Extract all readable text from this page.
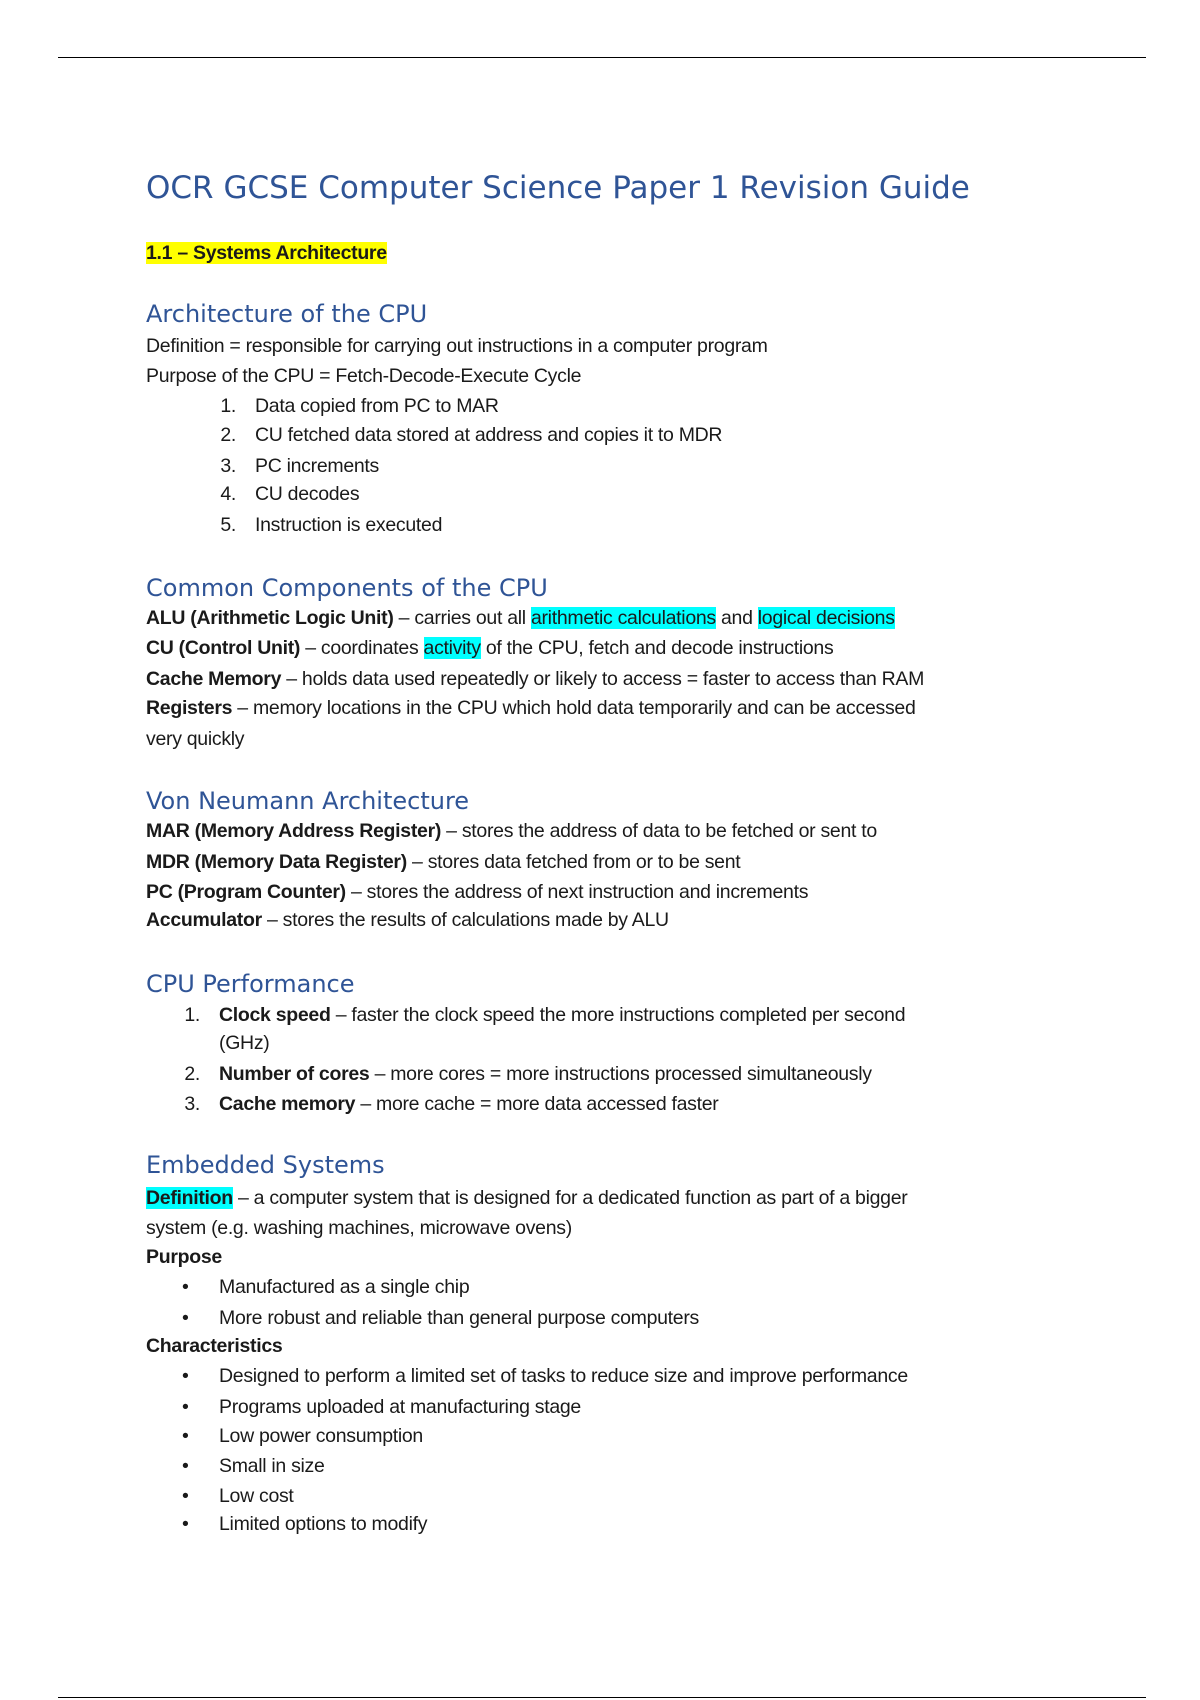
OCR GCSE Computer Science Paper 1 Revision Guide
1.1 – Systems Architecture
Architecture of the CPU
Definition = responsible for carrying out instructions in a computer program
Purpose of the CPU = Fetch-Decode-Execute Cycle
1. Data copied from PC to MAR
2. CU fetched data stored at address and copies it to MDR
3. PC increments
4. CU decodes
5. Instruction is executed
Common Components of the CPU
ALU (Arithmetic Logic Unit) – carries out all arithmetic calculations and logical decisions
CU (Control Unit) – coordinates activity of the CPU, fetch and decode instructions
Cache Memory – holds data used repeatedly or likely to access = faster to access than RAM
Registers – memory locations in the CPU which hold data temporarily and can be accessed
very quickly
Von Neumann Architecture
MAR (Memory Address Register) – stores the address of data to be fetched or sent to
MDR (Memory Data Register) – stores data fetched from or to be sent
PC (Program Counter) – stores the address of next instruction and increments
Accumulator – stores the results of calculations made by ALU
CPU Performance
1. Clock speed – faster the clock speed the more instructions completed per second
(GHz)
2. Number of cores – more cores = more instructions processed simultaneously
3. Cache memory – more cache = more data accessed faster
Embedded Systems
Definition – a computer system that is designed for a dedicated function as part of a bigger
system (e.g. washing machines, microwave ovens)
Purpose
• Manufactured as a single chip
• More robust and reliable than general purpose computers
Characteristics
• Designed to perform a limited set of tasks to reduce size and improve performance
• Programs uploaded at manufacturing stage
• Low power consumption
• Small in size
• Low cost
• Limited options to modify
